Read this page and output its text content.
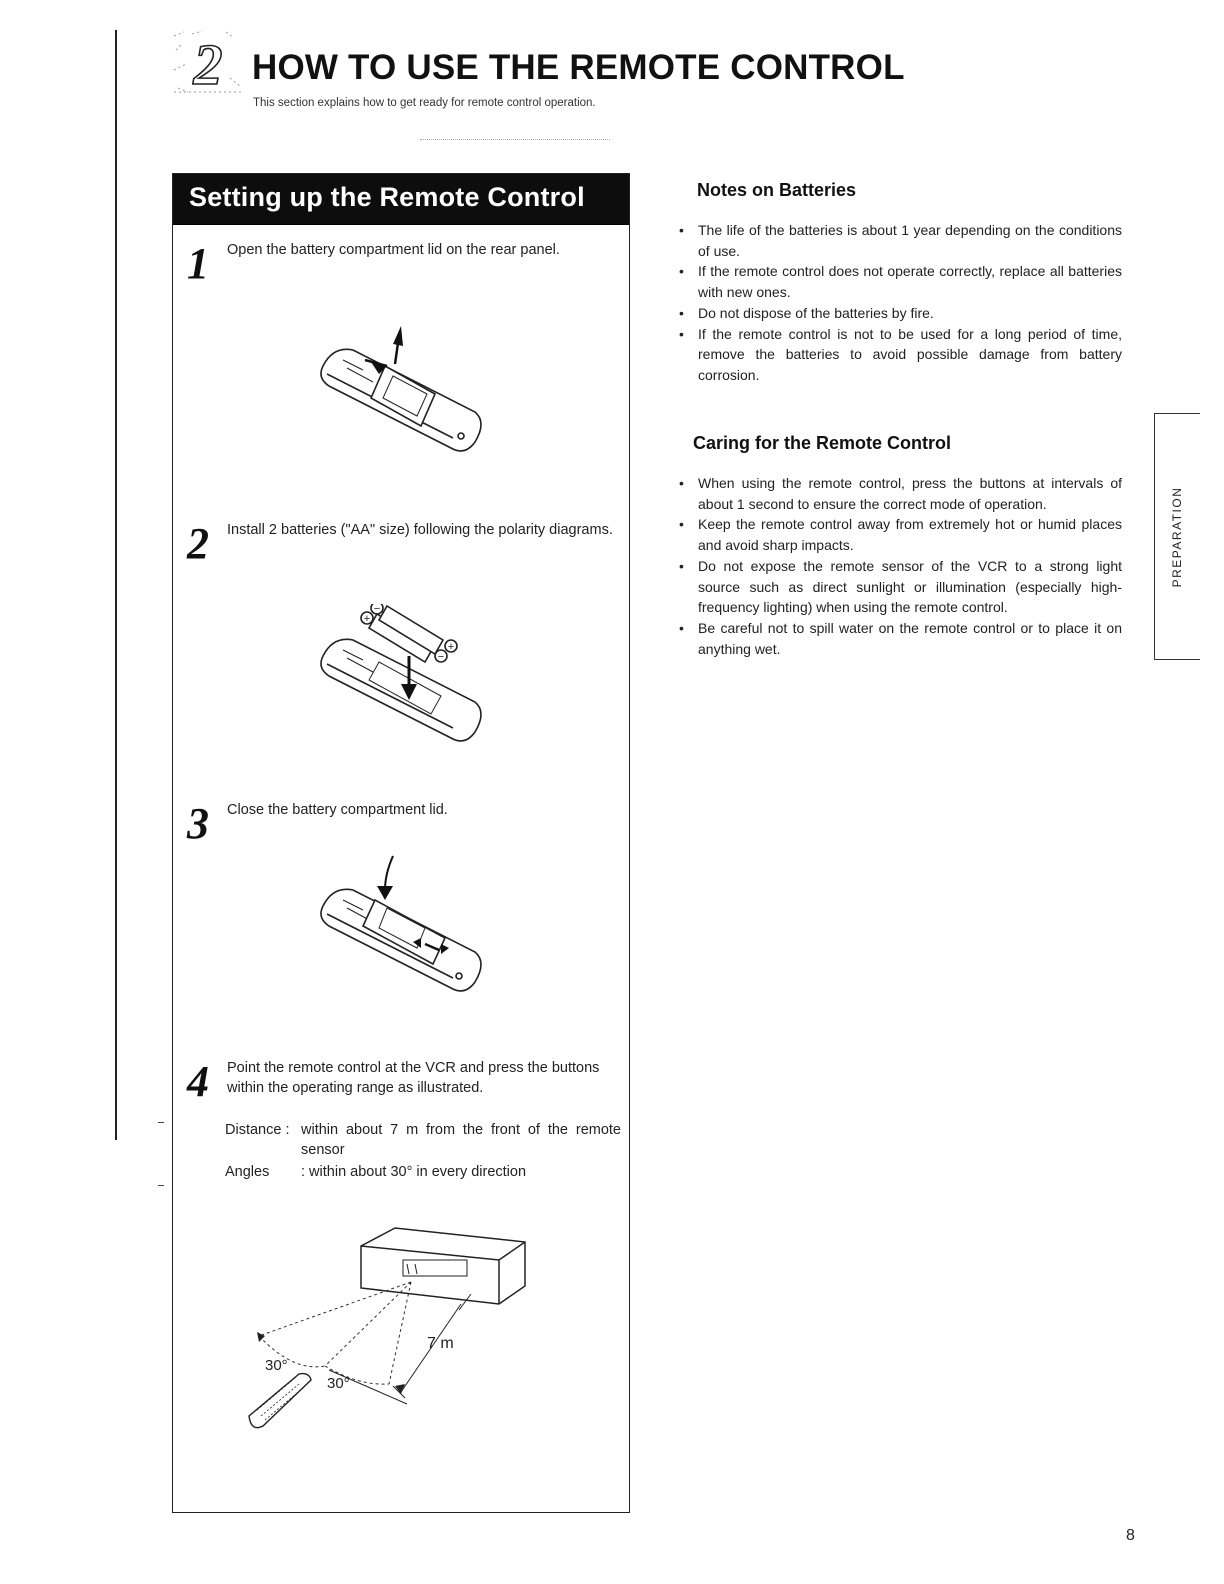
2 HOW TO USE THE REMOTE CONTROL
This section explains how to get ready for remote control operation.
Setting up the Remote Control
1 Open the battery compartment lid on the rear panel.
2 Install 2 batteries ("AA" size) following the polarity diagrams.
+
−
−
+
3 Close the battery compartment lid.
4 Point the remote control at the VCR and press the buttons within the operating range as illustrated.
Distance : within about 7 m from the front of the remote sensor
Angles : within about 30° in every direction
7 m
30°
30°
Notes on Batteries
• The life of the batteries is about 1 year depending on the conditions of use.
• If the remote control does not operate correctly, replace all batteries with new ones.
• Do not dispose of the batteries by fire.
• If the remote control is not to be used for a long period of time, remove the batteries to avoid possible damage from battery corrosion.
Caring for the Remote Control
• When using the remote control, press the buttons at intervals of about 1 second to ensure the correct mode of operation.
• Keep the remote control away from extremely hot or humid places and avoid sharp impacts.
• Do not expose the remote sensor of the VCR to a strong light source such as direct sunlight or illumination (especially high-frequency lighting) when using the remote control.
• Be careful not to spill water on the remote control or to place it on anything wet.
PREPARATION
8
